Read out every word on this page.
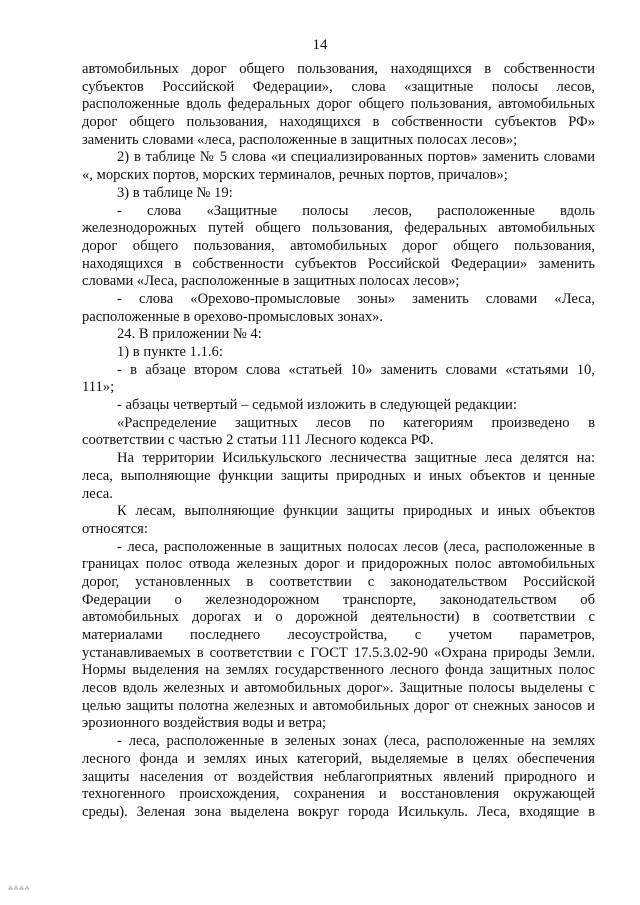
14
автомобильных дорог общего пользования, находящихся в собственности
субъектов Российской Федерации», слова «защитные полосы лесов,
расположенные вдоль федеральных дорог общего пользования, автомобильных
дорог общего пользования, находящихся в собственности субъектов РФ»
заменить словами «леса, расположенные в защитных полосах лесов»;
2) в таблице № 5 слова «и специализированных портов» заменить словами
«, морских портов, морских терминалов, речных портов, причалов»;
3) в таблице № 19:
- слова «Защитные полосы лесов, расположенные вдоль
железнодорожных путей общего пользования, федеральных автомобильных
дорог общего пользования, автомобильных дорог общего пользования,
находящихся в собственности субъектов Российской Федерации» заменить
словами «Леса, расположенные в защитных полосах лесов»;
- слова «Орехово-промысловые зоны» заменить словами «Леса,
расположенные в орехово-промысловых зонах».
24. В приложении № 4:
1) в пункте 1.1.6:
- в абзаце втором слова «статьей 10» заменить словами «статьями 10,
111»;
- абзацы четвертый – седьмой изложить в следующей редакции:
«Распределение защитных лесов по категориям произведено в
соответствии с частью 2 статьи 111 Лесного кодекса РФ.
На территории Исилькульского лесничества защитные леса делятся на:
леса, выполняющие функции защиты природных и иных объектов и ценные
леса.
К лесам, выполняющие функции защиты природных и иных объектов
относятся:
- леса, расположенные в защитных полосах лесов (леса, расположенные в
границах полос отвода железных дорог и придорожных полос автомобильных
дорог, установленных в соответствии с законодательством Российской
Федерации о железнодорожном транспорте, законодательством об
автомобильных дорогах и о дорожной деятельности) в соответствии с
материалами последнего лесоустройства, с учетом параметров,
устанавливаемых в соответствии с ГОСТ 17.5.3.02-90 «Охрана природы Земли.
Нормы выделения на землях государственного лесного фонда защитных полос
лесов вдоль железных и автомобильных дорог». Защитные полосы выделены с
целью защиты полотна железных и автомобильных дорог от снежных заносов и
эрозионного воздействия воды и ветра;
- леса, расположенные в зеленых зонах (леса, расположенные на землях
лесного фонда и землях иных категорий, выделяемые в целях обеспечения
защиты населения от воздействия неблагоприятных явлений природного и
техногенного происхождения, сохранения и восстановления окружающей
среды). Зеленая зона выделена вокруг города Исилькуль. Леса, входящие в
⁂⁂⁂⁂
